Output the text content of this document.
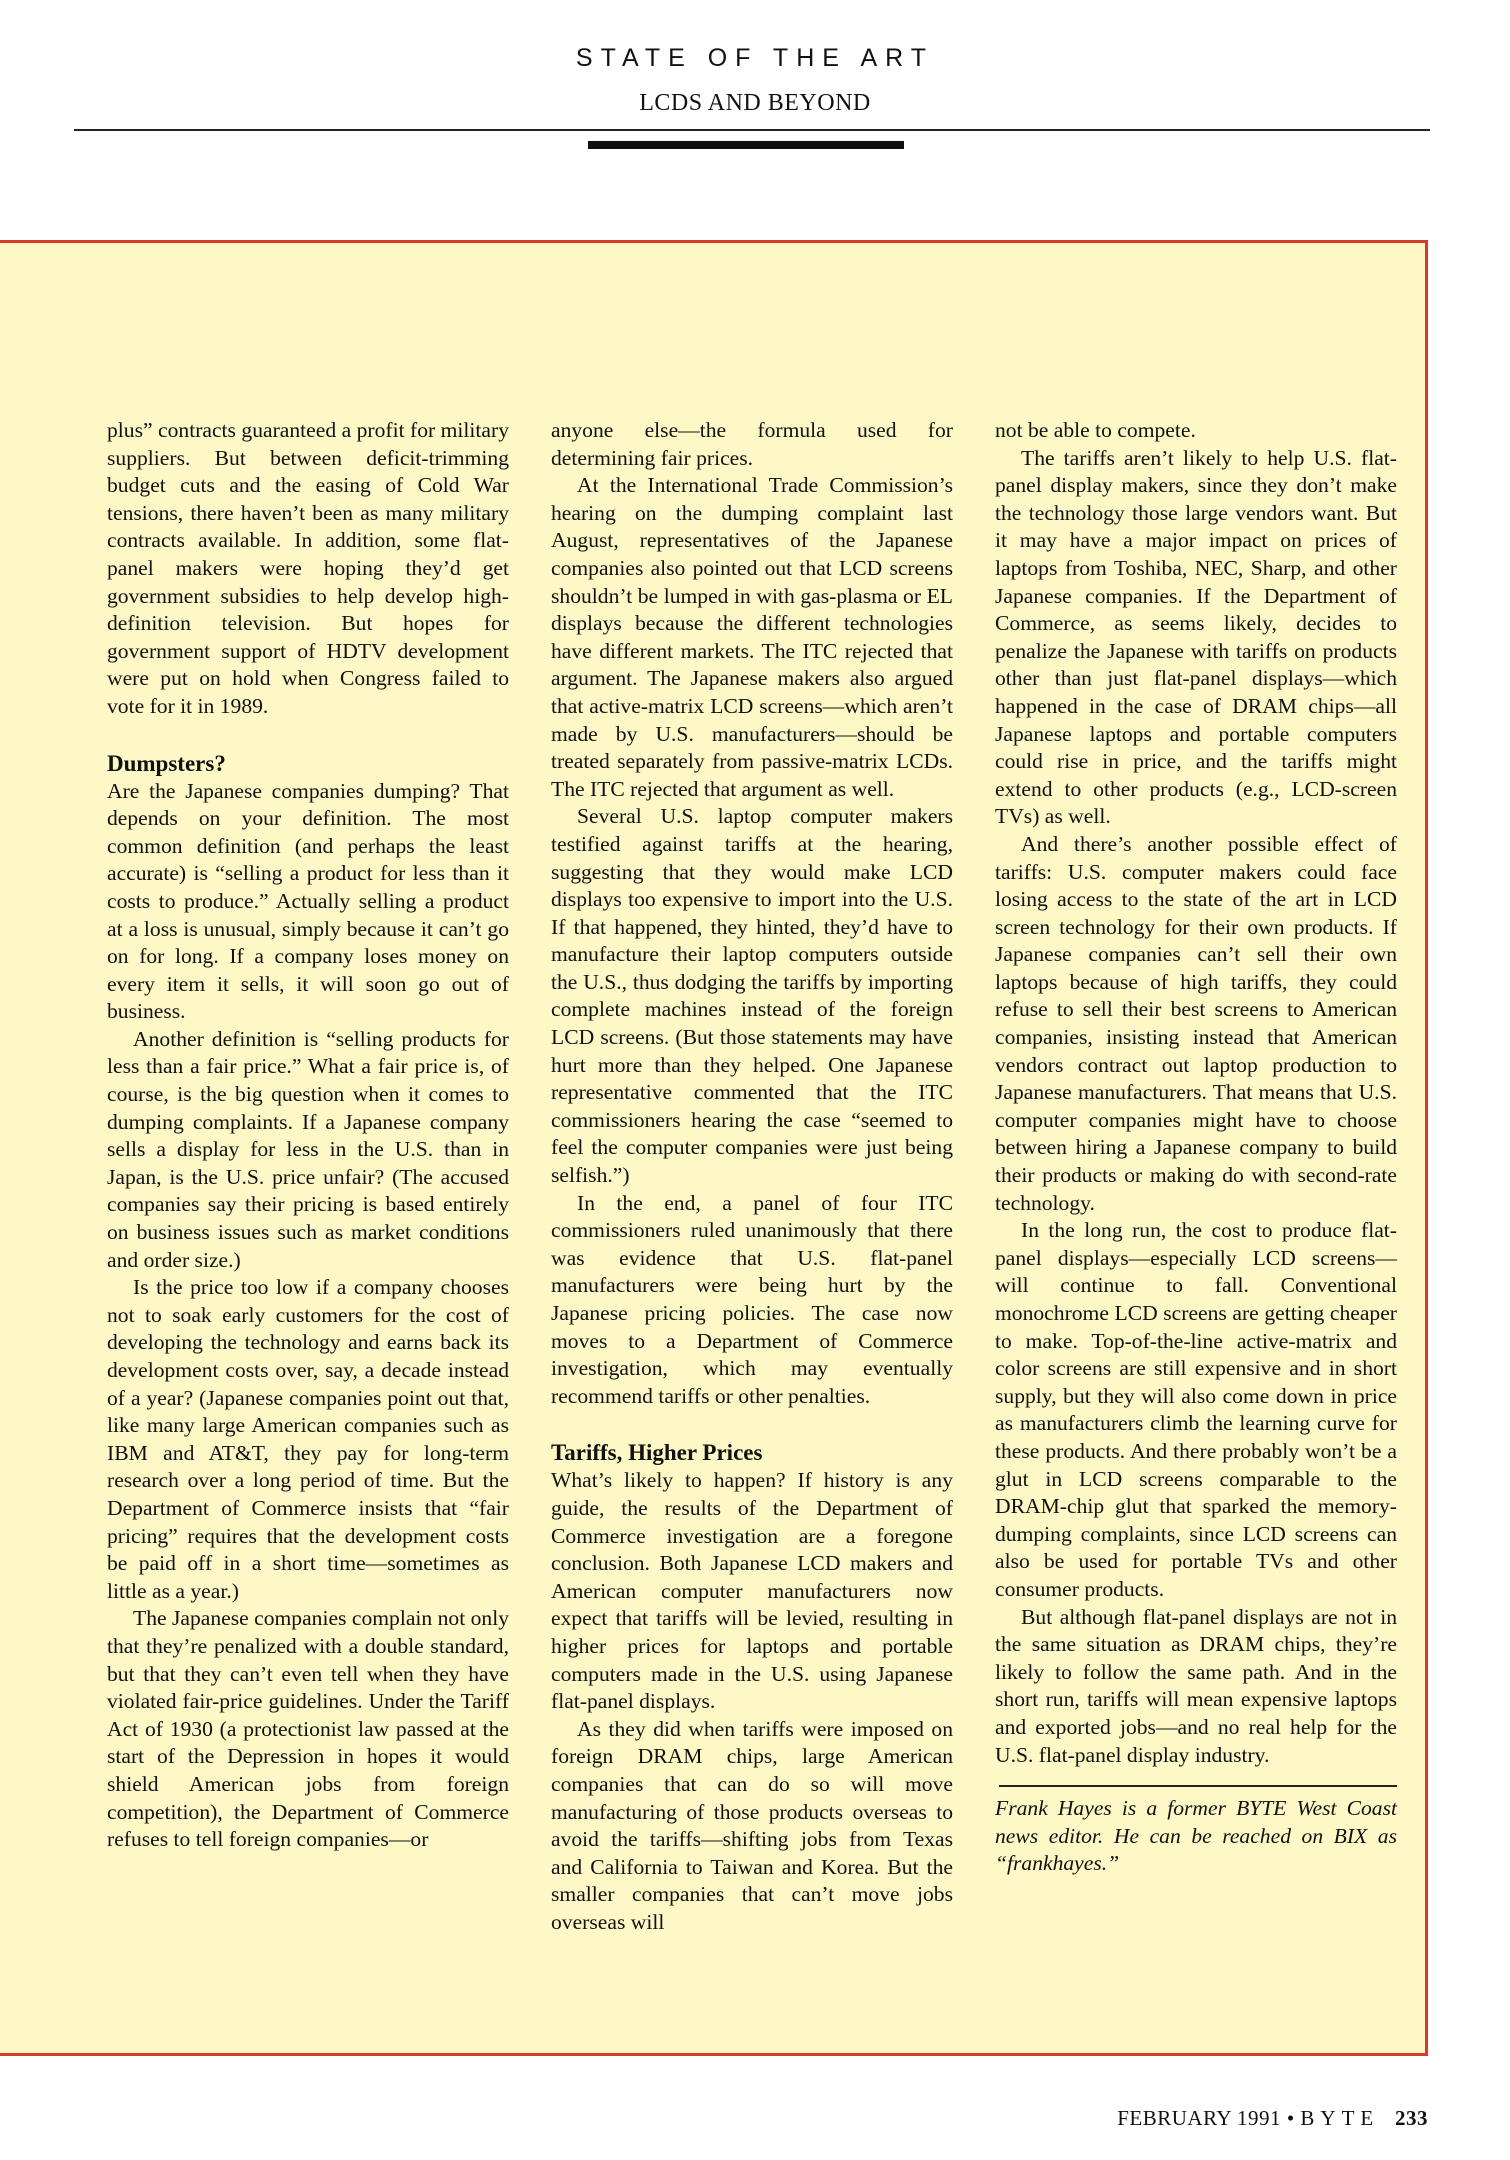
STATE OF THE ART
LCDS AND BEYOND

plus” contracts guaranteed a profit for military suppliers. But between deficit-trimming budget cuts and the easing of Cold War tensions, there haven’t been as many military contracts available. In addition, some flat-panel makers were hoping they’d get government subsidies to help develop high-definition television. But hopes for government support of HDTV development were put on hold when Congress failed to vote for it in 1989.

Dumpsters?

Are the Japanese companies dumping? That depends on your definition. The most common definition (and perhaps the least accurate) is “selling a product for less than it costs to produce.” Actually selling a product at a loss is unusual, simply because it can’t go on for long. If a company loses money on every item it sells, it will soon go out of business.

Another definition is “selling products for less than a fair price.” What a fair price is, of course, is the big question when it comes to dumping complaints. If a Japanese company sells a display for less in the U.S. than in Japan, is the U.S. price unfair? (The accused companies say their pricing is based entirely on business issues such as market conditions and order size.)

Is the price too low if a company chooses not to soak early customers for the cost of developing the technology and earns back its development costs over, say, a decade instead of a year? (Japanese companies point out that, like many large American companies such as IBM and AT&T, they pay for long-term research over a long period of time. But the Department of Commerce insists that “fair pricing” requires that the development costs be paid off in a short time—sometimes as little as a year.)

The Japanese companies complain not only that they’re penalized with a double standard, but that they can’t even tell when they have violated fair-price guidelines. Under the Tariff Act of 1930 (a protectionist law passed at the start of the Depression in hopes it would shield American jobs from foreign competition), the Department of Commerce refuses to tell foreign companies—or

anyone else—the formula used for determining fair prices.

At the International Trade Commission’s hearing on the dumping complaint last August, representatives of the Japanese companies also pointed out that LCD screens shouldn’t be lumped in with gas-plasma or EL displays because the different technologies have different markets. The ITC rejected that argument. The Japanese makers also argued that active-matrix LCD screens—which aren’t made by U.S. manufacturers—should be treated separately from passive-matrix LCDs. The ITC rejected that argument as well.

Several U.S. laptop computer makers testified against tariffs at the hearing, suggesting that they would make LCD displays too expensive to import into the U.S. If that happened, they hinted, they’d have to manufacture their laptop computers outside the U.S., thus dodging the tariffs by importing complete machines instead of the foreign LCD screens. (But those statements may have hurt more than they helped. One Japanese representative commented that the ITC commissioners hearing the case “seemed to feel the computer companies were just being selfish.”)

In the end, a panel of four ITC commissioners ruled unanimously that there was evidence that U.S. flat-panel manufacturers were being hurt by the Japanese pricing policies. The case now moves to a Department of Commerce investigation, which may eventually recommend tariffs or other penalties.

Tariffs, Higher Prices

What’s likely to happen? If history is any guide, the results of the Department of Commerce investigation are a foregone conclusion. Both Japanese LCD makers and American computer manufacturers now expect that tariffs will be levied, resulting in higher prices for laptops and portable computers made in the U.S. using Japanese flat-panel displays.

As they did when tariffs were imposed on foreign DRAM chips, large American companies that can do so will move manufacturing of those products overseas to avoid the tariffs—shifting jobs from Texas and California to Taiwan and Korea. But the smaller companies that can’t move jobs overseas will

not be able to compete.

The tariffs aren’t likely to help U.S. flat-panel display makers, since they don’t make the technology those large vendors want. But it may have a major impact on prices of laptops from Toshiba, NEC, Sharp, and other Japanese companies. If the Department of Commerce, as seems likely, decides to penalize the Japanese with tariffs on products other than just flat-panel displays—which happened in the case of DRAM chips—all Japanese laptops and portable computers could rise in price, and the tariffs might extend to other products (e.g., LCD-screen TVs) as well.

And there’s another possible effect of tariffs: U.S. computer makers could face losing access to the state of the art in LCD screen technology for their own products. If Japanese companies can’t sell their own laptops because of high tariffs, they could refuse to sell their best screens to American companies, insisting instead that American vendors contract out laptop production to Japanese manufacturers. That means that U.S. computer companies might have to choose between hiring a Japanese company to build their products or making do with second-rate technology.

In the long run, the cost to produce flat-panel displays—especially LCD screens—will continue to fall. Conventional monochrome LCD screens are getting cheaper to make. Top-of-the-line active-matrix and color screens are still expensive and in short supply, but they will also come down in price as manufacturers climb the learning curve for these products. And there probably won’t be a glut in LCD screens comparable to the DRAM-chip glut that sparked the memory-dumping complaints, since LCD screens can also be used for portable TVs and other consumer products.

But although flat-panel displays are not in the same situation as DRAM chips, they’re likely to follow the same path. And in the short run, tariffs will mean expensive laptops and exported jobs—and no real help for the U.S. flat-panel display industry.

Frank Hayes is a former BYTE West Coast news editor. He can be reached on BIX as “frankhayes.”

FEBRUARY 1991 • BYTE 233
